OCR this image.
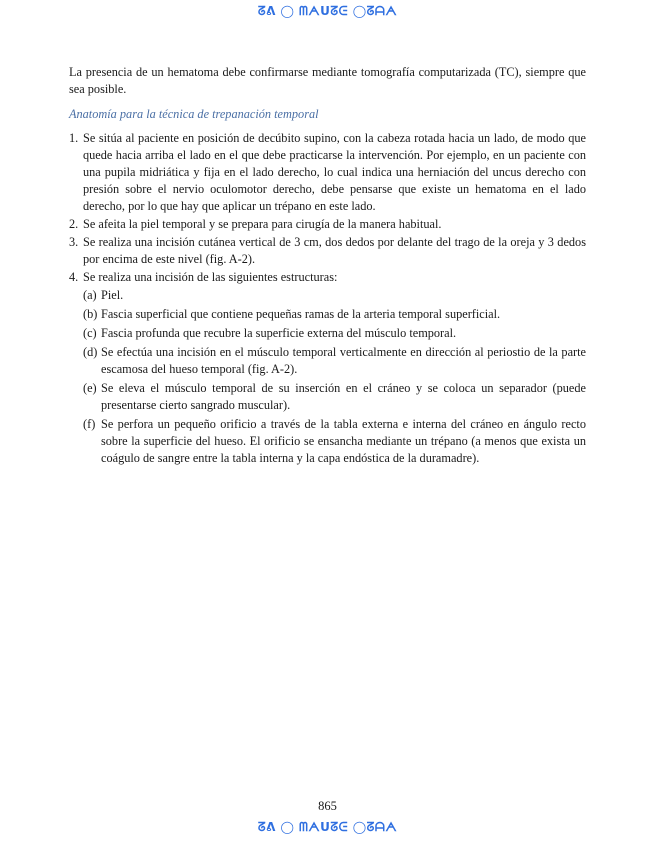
ᘔᕕ ◯ ᗰᗅᑌᘔᕮ ◯ᘔᗩᗅ

La presencia de un hematoma debe confirmarse mediante tomografía computarizada (TC), siempre que sea posible.

Anatomía para la técnica de trepanación temporal

1. Se sitúa al paciente en posición de decúbito supino, con la cabeza rotada hacia un lado, de modo que quede hacia arriba el lado en el que debe practicarse la intervención. Por ejemplo, en un paciente con una pupila midriática y fija en el lado derecho, lo cual indica una herniación del uncus derecho con presión sobre el nervio oculomotor derecho, debe pensarse que existe un hematoma en el lado derecho, por lo que hay que aplicar un trépano en este lado.
2. Se afeita la piel temporal y se prepara para cirugía de la manera habitual.
3. Se realiza una incisión cutánea vertical de 3 cm, dos dedos por delante del trago de la oreja y 3 dedos por encima de este nivel (fig. A-2).
4. Se realiza una incisión de las siguientes estructuras:
(a) Piel.
(b) Fascia superficial que contiene pequeñas ramas de la arteria temporal superficial.
(c) Fascia profunda que recubre la superficie externa del músculo temporal.
(d) Se efectúa una incisión en el músculo temporal verticalmente en dirección al periostio de la parte escamosa del hueso temporal (fig. A-2).
(e) Se eleva el músculo temporal de su inserción en el cráneo y se coloca un separador (puede presentarse cierto sangrado muscular).
(f) Se perfora un pequeño orificio a través de la tabla externa e interna del cráneo en ángulo recto sobre la superficie del hueso. El orificio se ensancha mediante un trépano (a menos que exista un coágulo de sangre entre la tabla interna y la capa endóstica de la duramadre).
865
ᘔᕕ ◯ ᗰᗅᑌᘔᕮ ◯ᘔᗩᗅ
